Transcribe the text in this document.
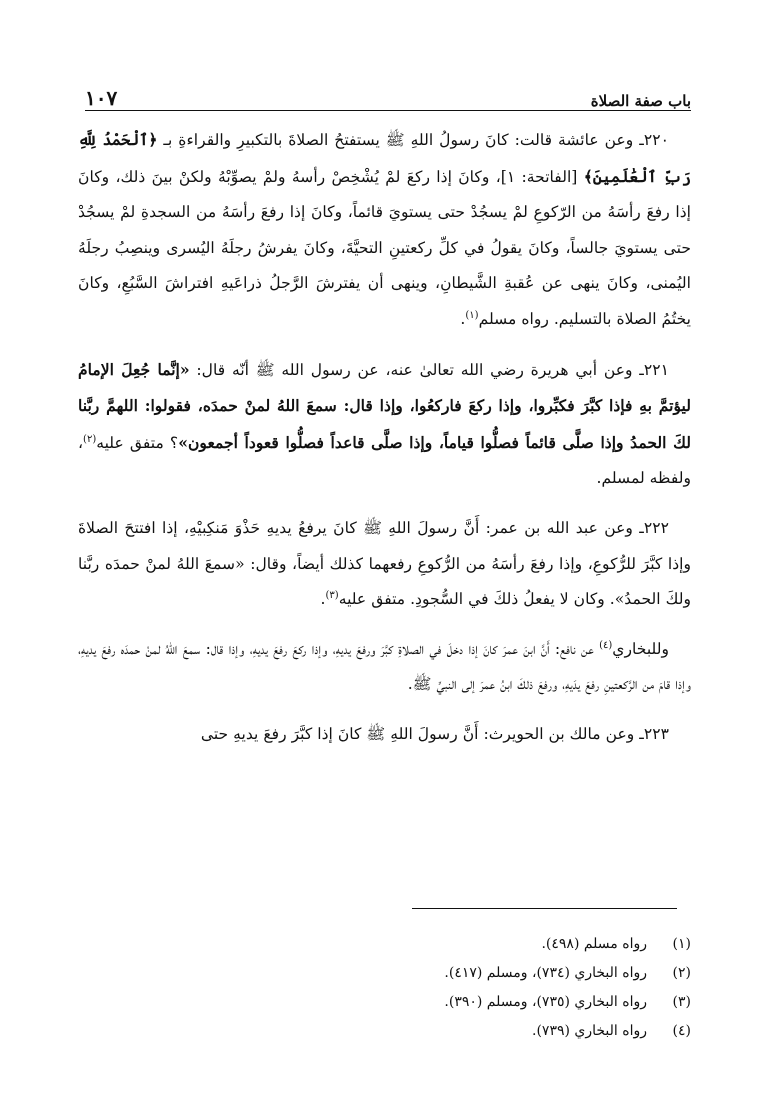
باب صفة الصلاة
١٠٧

٢٢٠ـ وعن عائشة قالت: كانَ رسولُ اللهِ ﷺ يستفتحُ الصلاةَ بالتكبيرِ والقراءةِ بـ ﴿ٱلْحَمْدُ لِلَّهِ رَبِّ ٱلْعَٰلَمِينَ﴾ [الفاتحة: ١]، وكانَ إذا ركعَ لمْ يُشْخِصْ رأسهُ ولمْ يصوِّبْهُ ولكنْ بينَ ذلك، وكانَ إذا رفعَ رأسَهُ من الرّكوعِ لمْ يسجُدْ حتى يستويَ قائماً، وكانَ إذا رفعَ رأسَهُ من السجدةِ لمْ يسجُدْ حتى يستويَ جالساً، وكانَ يقولُ في كلِّ ركعتينِ التحيَّةَ، وكانَ يفرشُ رجلَهُ اليُسرى وينصِبُ رجلَهُ اليُمنى، وكانَ ينهى عن عُقبةِ الشَّيطانِ، وينهى أن يفترشَ الرَّجلُ ذراعَيهِ افتراشَ السَّبُعِ، وكانَ يختُمُ الصلاة بالتسليم. رواه مسلم$^{(١)}$.

٢٢١ـ وعن أبي هريرة رضي الله تعالىٰ عنه، عن رسول الله ﷺ أنّه قال: «إنَّما جُعِلَ الإمامُ ليؤتمَّ بهِ فإذا كبَّرَ فكبِّروا، وإذا ركعَ فاركعُوا، وإذا قال: سمعَ اللهُ لمنْ حمدَه، فقولوا: اللهمَّ ربَّنا لكَ الحمدُ وإذا صلَّى قائماً فصلُّوا قياماً، وإذا صلَّى قاعداً فصلُّوا قعوداً أجمعون»؟ متفق عليه$^{(٢)}$، ولفظه لمسلم.

٢٢٢ـ وعن عبد الله بن عمر: أَنَّ رسولَ اللهِ ﷺ كانَ يرفعُ يديهِ حَذْوَ مَنكِبيْهِ، إذا افتتحَ الصلاةَ وإذا كبَّرَ للرُّكوعِ، وإذا رفعَ رأسَهُ من الرُّكوعِ رفعهما كذلك أيضاً، وقال: «سمعَ اللهُ لمنْ حمدَه ربَّنا ولكَ الحمدُ». وكان لا يفعلُ ذلكَ في السُّجودِ. متفق عليه$^{(٣)}$.

وللبخاري$^{(٤)}$ عن نافع: أَنَّ ابنَ عمرَ كانَ إذا دخلَ في الصلاةِ كبَّرَ ورفعَ يديهِ، وإذا ركعَ رفعَ يديهِ، وإذا قال: سمعَ اللهُ لمنْ حمدَه رفعَ يديهِ، وإذا قامَ من الرَّكعتينِ رفعَ يدَيهِ، ورفعَ ذلكَ ابنُ عمرَ إلى النبيِّ ﷺ.

٢٢٣ـ وعن مالك بن الحويرث: أَنَّ رسولَ اللهِ ﷺ كانَ إذا كبَّرَ رفعَ يديهِ حتى

(١)
رواه مسلم (٤٩٨).
(٢)
رواه البخاري (٧٣٤)، ومسلم (٤١٧).
(٣)
رواه البخاري (٧٣٥)، ومسلم (٣٩٠).
(٤)
رواه البخاري (٧٣٩).
